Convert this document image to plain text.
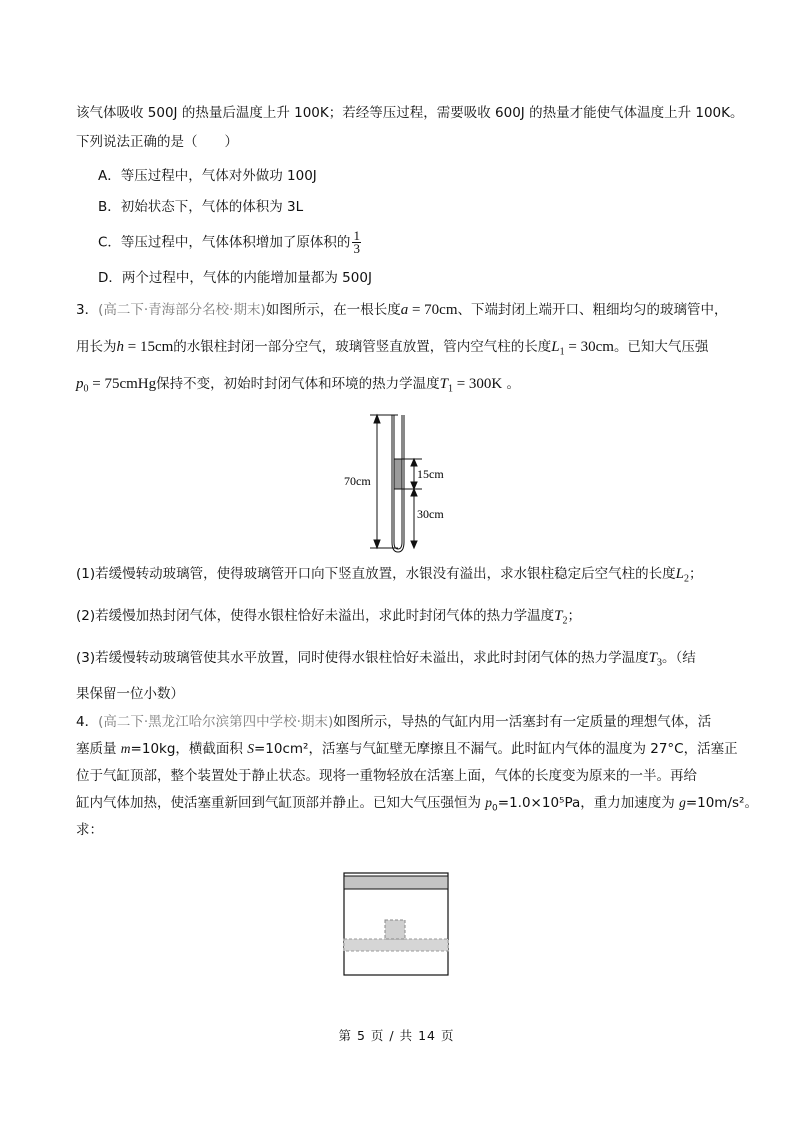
该气体吸收 500J 的热量后温度上升 100K；若经等压过程，需要吸收 600J 的热量才能使气体温度上升 100K。
下列说法正确的是（　　）
A．等压过程中，气体对外做功 100J
B．初始状态下，气体的体积为 3L
C．等压过程中，气体体积增加了原体积的 $\frac{1}{3}$
D．两个过程中，气体的内能增加量都为 500J
3．(高二下·青海部分名校·期末)如图所示，在一根长度a = 70cm、下端封闭上端开口、粗细均匀的玻璃管中，
用长为h = 15cm的水银柱封闭一部分空气，玻璃管竖直放置，管内空气柱的长度$L_1 = 30cm$。已知大气压强
$p_0$ = 75cmHg保持不变，初始时封闭气体和环境的热力学温度$T_1 = 300K$ 。
70cm	15cm
30cm
(1)若缓慢转动玻璃管，使得玻璃管开口向下竖直放置，水银没有溢出，求水银柱稳定后空气柱的长度$L_2$；
(2)若缓慢加热封闭气体，使得水银柱恰好未溢出，求此时封闭气体的热力学温度$T_2$；
(3)若缓慢转动玻璃管使其水平放置，同时使得水银柱恰好未溢出，求此时封闭气体的热力学温度$T_3$。（结
果保留一位小数）
4．(高二下·黑龙江哈尔滨第四中学校·期末)如图所示，导热的气缸内用一活塞封有一定质量的理想气体，活
塞质量 m=10kg，横截面积 S=10cm²，活塞与气缸壁无摩擦且不漏气。此时缸内气体的温度为 27°C，活塞正
位于气缸顶部，整个装置处于静止状态。现将一重物轻放在活塞上面，气体的长度变为原来的一半。再给
缸内气体加热，使活塞重新回到气缸顶部并静止。已知大气压强恒为 $p_0=1.0\times 10^5Pa$，重力加速度为 g=10m/s²。
求：
第 5 页 / 共 14 页
